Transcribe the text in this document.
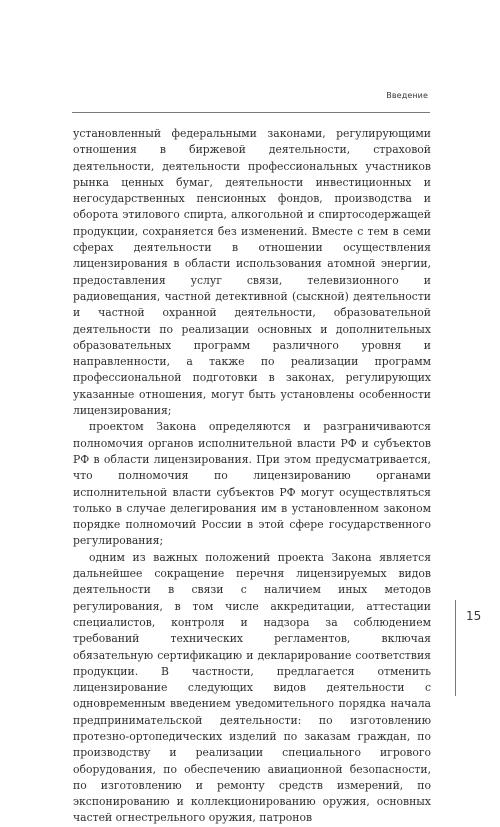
Введение

установленный федеральными законами, регулирующими отношения в биржевой деятельности, страховой деятельности, деятельности профессиональных участников рынка ценных бумаг, деятельности инвестиционных и негосударственных пенсионных фондов, производства и оборота этилового спирта, алкогольной и спиртосодержащей продукции, сохраняется без изменений. Вместе с тем в семи сферах деятельности в отношении осуществления лицензирования в области использования атомной энергии, предоставления услуг связи, телевизионного и радиовещания, частной детективной (сыскной) деятельности и частной охранной деятельности, образовательной деятельности по реализации основных и дополнительных образовательных программ различного уровня и направленности, а также по реализации программ профессиональной подготовки в законах, регулирующих указанные отношения, могут быть установлены особенности лицензирования;

проектом Закона определяются и разграничиваются полномочия органов исполнительной власти РФ и субъектов РФ в области лицензирования. При этом предусматривается, что полномочия по лицензированию органами исполнительной власти субъектов РФ могут осуществляться только в случае делегирования им в установленном законом порядке полномочий России в этой сфере государственного регулирования;

одним из важных положений проекта Закона является дальнейшее сокращение перечня лицензируемых видов деятельности в связи с наличием иных методов регулирования, в том числе аккредитации, аттестации специалистов, контроля и надзора за соблюдением требований технических регламентов, включая обязательную сертификацию и декларирование соответствия продукции. В частности, предлагается отменить лицензирование следующих видов деятельности с одновременным введением уведомительного порядка начала предпринимательской деятельности: по изготовлению протезно-ортопедических изделий по заказам граждан, по производству и реализации специального игрового оборудования, по обеспечению авиационной безопасности, по изготовлению и ремонту средств измерений, по экспонированию и коллекционированию оружия, основных частей огнестрельного оружия, патронов

15
